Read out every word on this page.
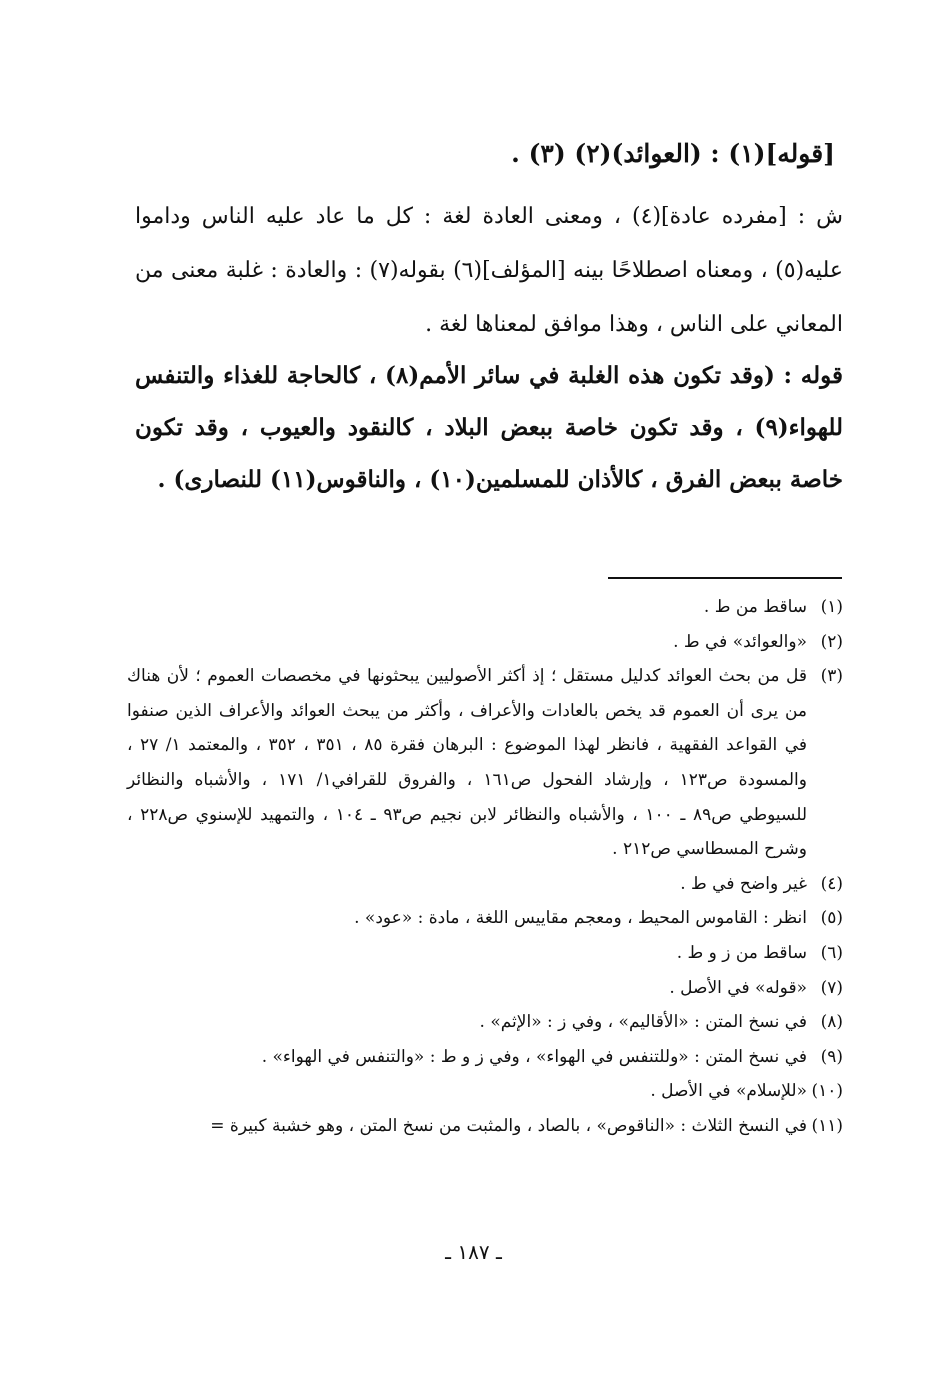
[قوله](١) : (العوائد)(٢) (٣) .
ش : [مفرده عادة](٤) ، ومعنى العادة لغة : كل ما عاد عليه الناس وداموا عليه(٥) ، ومعناه اصطلاحًا بينه [المؤلف](٦) بقوله(٧) : والعادة : غلبة معنى من المعاني على الناس ، وهذا موافق لمعناها لغة .
قوله : (وقد تكون هذه الغلبة في سائر الأمم(٨) ، كالحاجة للغذاء والتنفس للهواء(٩) ، وقد تكون خاصة ببعض البلاد ، كالنقود والعيوب ، وقد تكون خاصة ببعض الفرق ، كالأذان للمسلمين(١٠) ، والناقوس(١١) للنصارى) .
(١)
ساقط من ط .
(٢)
«والعوائد» في ط .
(٣)
قل من بحث العوائد كدليل مستقل ؛ إذ أكثر الأصوليين يبحثونها في مخصصات العموم ؛ لأن هناك من يرى أن العموم قد يخص بالعادات والأعراف ، وأكثر من يبحث العوائد والأعراف الذين صنفوا في القواعد الفقهية ، فانظر لهذا الموضوع : البرهان فقرة ٨٥ ، ٣٥١ ، ٣٥٢ ، والمعتمد ١/ ٢٧ ، والمسودة ص١٢٣ ، وإرشاد الفحول ص١٦١ ، والفروق للقرافي١/ ١٧١ ، والأشباه والنظائر للسيوطي ص٨٩ ـ ١٠٠ ، والأشباه والنظائر لابن نجيم ص٩٣ ـ ١٠٤ ، والتمهيد للإسنوي ص٢٢٨ ، وشرح المسطاسي ص٢١٢ .
(٤)
غير واضح في ط .
(٥)
انظر : القاموس المحيط ، ومعجم مقاييس اللغة ، مادة : «عود» .
(٦)
ساقط من ز و ط .
(٧)
«قوله» في الأصل .
(٨)
في نسخ المتن : «الأقاليم» ، وفي ز : «الإثم» .
(٩)
في نسخ المتن : «وللتنفس في الهواء» ، وفي ز و ط : «والتنفس في الهواء» .
(١٠)
«للإسلام» في الأصل .
(١١)
في النسخ الثلاث : «الناقوص» ، بالصاد ، والمثبت من نسخ المتن ، وهو خشبة كبيرة =
ـ ١٨٧ ـ
